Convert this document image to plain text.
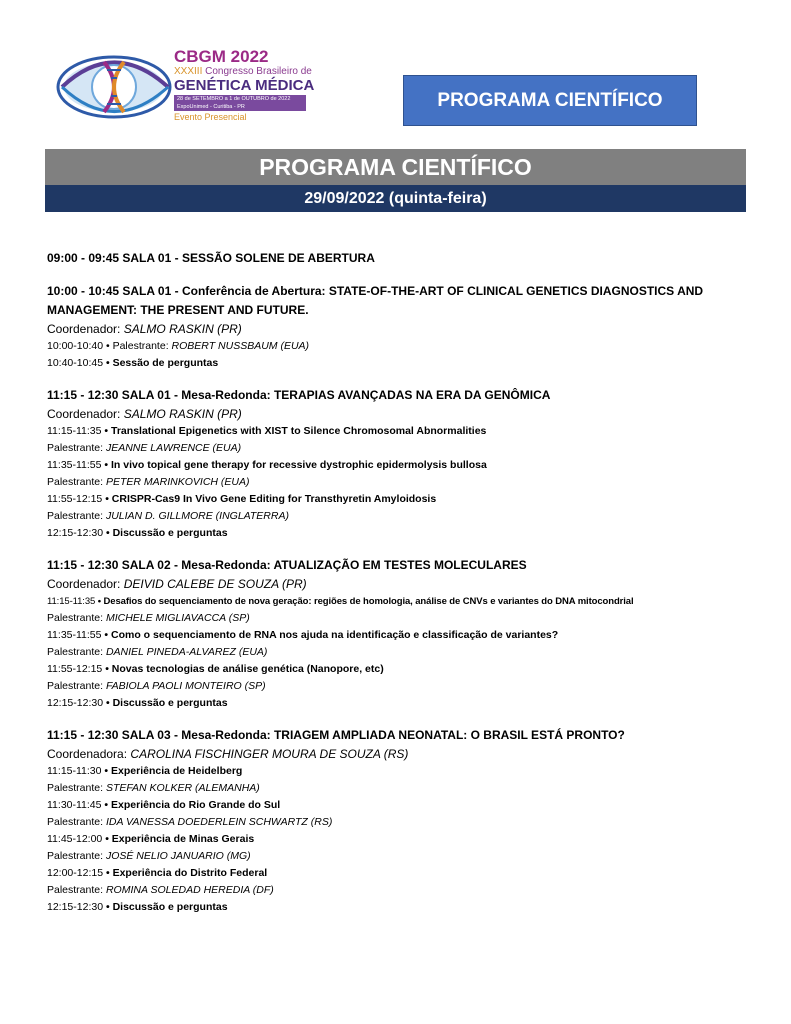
CBGM 2022
XXXIII Congresso Brasileiro de
GENÉTICA MÉDICA
28 de SETEMBRO a 1 de OUTUBRO de 2022
ExpoUnimed - Curitiba - PR
Evento Presencial
PROGRAMA CIENTÍFICO
PROGRAMA CIENTÍFICO
29/09/2022 (quinta-feira)
09:00 - 09:45 SALA 01 - SESSÃO SOLENE DE ABERTURA
10:00 - 10:45 SALA 01 - Conferência de Abertura: STATE-OF-THE-ART OF CLINICAL GENETICS DIAGNOSTICS AND
MANAGEMENT: THE PRESENT AND FUTURE.
Coordenador: SALMO RASKIN (PR)
10:00-10:40 • Palestrante: ROBERT NUSSBAUM (EUA)
10:40-10:45 • Sessão de perguntas
11:15 - 12:30 SALA 01 - Mesa-Redonda: TERAPIAS AVANÇADAS NA ERA DA GENÔMICA
Coordenador: SALMO RASKIN (PR)
11:15-11:35 • Translational Epigenetics with XIST to Silence Chromosomal Abnormalities
Palestrante: JEANNE LAWRENCE (EUA)
11:35-11:55 • In vivo topical gene therapy for recessive dystrophic epidermolysis bullosa
Palestrante: PETER MARINKOVICH (EUA)
11:55-12:15 • CRISPR-Cas9 In Vivo Gene Editing for Transthyretin Amyloidosis
Palestrante: JULIAN D. GILLMORE (INGLATERRA)
12:15-12:30 • Discussão e perguntas
11:15 - 12:30 SALA 02 - Mesa-Redonda: ATUALIZAÇÃO EM TESTES MOLECULARES
Coordenador: DEIVID CALEBE DE SOUZA (PR)
11:15-11:35 • Desafios do sequenciamento de nova geração: regiões de homologia, análise de CNVs e variantes do DNA mitocondrial
Palestrante: MICHELE MIGLIAVACCA (SP)
11:35-11:55 • Como o sequenciamento de RNA nos ajuda na identificação e classificação de variantes?
Palestrante: DANIEL PINEDA-ALVAREZ (EUA)
11:55-12:15 • Novas tecnologias de análise genética (Nanopore, etc)
Palestrante: FABIOLA PAOLI MONTEIRO (SP)
12:15-12:30 • Discussão e perguntas
11:15 - 12:30 SALA 03 - Mesa-Redonda: TRIAGEM AMPLIADA NEONATAL: O BRASIL ESTÁ PRONTO?
Coordenadora: CAROLINA FISCHINGER MOURA DE SOUZA (RS)
11:15-11:30 • Experiência de Heidelberg
Palestrante: STEFAN KOLKER (ALEMANHA)
11:30-11:45 • Experiência do Rio Grande do Sul
Palestrante: IDA VANESSA DOEDERLEIN SCHWARTZ (RS)
11:45-12:00 • Experiência de Minas Gerais
Palestrante: JOSÉ NELIO JANUARIO (MG)
12:00-12:15 • Experiência do Distrito Federal
Palestrante: ROMINA SOLEDAD HEREDIA (DF)
12:15-12:30 • Discussão e perguntas
